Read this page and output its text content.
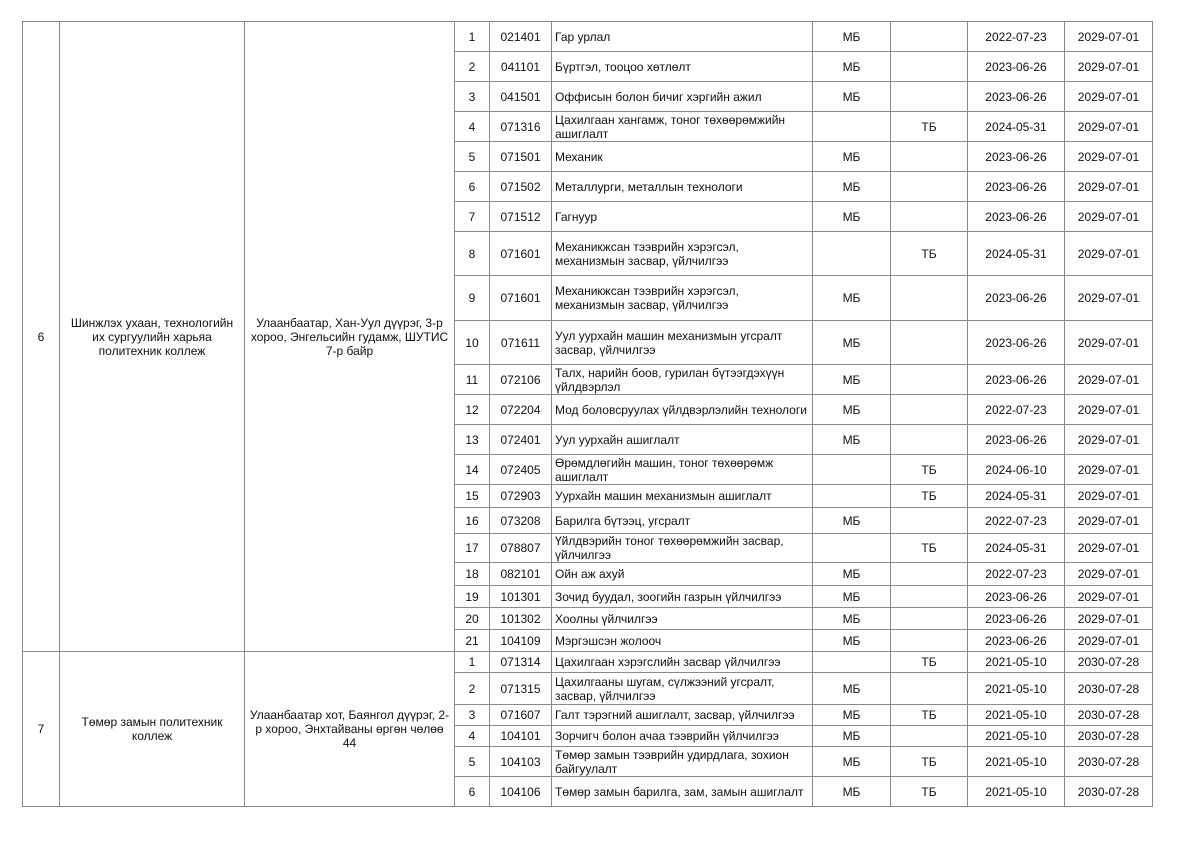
6	Шинжлэх ухаан, технологийн их сургуулийн харьяа политехник коллеж	Улаанбаатар, Хан-Уул дүүрэг, 3-р хороо, Энгельсийн гудамж, ШУТИС 7-р байр	1	021401	Гар урлал	МБ		2022-07-23	2029-07-01
			2	041101	Бүртгэл, тооцоо хөтлөлт	МБ		2023-06-26	2029-07-01
			3	041501	Оффисын болон бичиг хэргийн ажил	МБ		2023-06-26	2029-07-01
			4	071316	Цахилгаан хангамж, тоног төхөөрөмжийн ашиглалт		ТБ	2024-05-31	2029-07-01
			5	071501	Механик	МБ		2023-06-26	2029-07-01
			6	071502	Металлурги, металлын технологи	МБ		2023-06-26	2029-07-01
			7	071512	Гагнуур	МБ		2023-06-26	2029-07-01
			8	071601	Механикжсан тээврийн хэрэгсэл, механизмын засвар, үйлчилгээ		ТБ	2024-05-31	2029-07-01
			9	071601	Механикжсан тээврийн хэрэгсэл, механизмын засвар, үйлчилгээ	МБ		2023-06-26	2029-07-01
			10	071611	Уул уурхайн машин механизмын угсралт засвар, үйлчилгээ	МБ		2023-06-26	2029-07-01
			11	072106	Талх, нарийн боов, гурилан бүтээгдэхүүн үйлдвэрлэл	МБ		2023-06-26	2029-07-01
			12	072204	Мод боловсруулах үйлдвэрлэлийн технологи	МБ		2022-07-23	2029-07-01
			13	072401	Уул уурхайн ашиглалт	МБ		2023-06-26	2029-07-01
			14	072405	Өрөмдлөгийн машин, тоног төхөөрөмж ашиглалт		ТБ	2024-06-10	2029-07-01
			15	072903	Уурхайн машин механизмын ашиглалт		ТБ	2024-05-31	2029-07-01
			16	073208	Барилга бүтээц, угсралт	МБ		2022-07-23	2029-07-01
			17	078807	Үйлдвэрийн тоног төхөөрөмжийн засвар, үйлчилгээ		ТБ	2024-05-31	2029-07-01
			18	082101	Ойн аж ахуй	МБ		2022-07-23	2029-07-01
			19	101301	Зочид буудал, зоогийн газрын үйлчилгээ	МБ		2023-06-26	2029-07-01
			20	101302	Хоолны үйлчилгээ	МБ		2023-06-26	2029-07-01
			21	104109	Мэргэшсэн жолооч	МБ		2023-06-26	2029-07-01
7	Төмөр замын политехник коллеж	Улаанбаатар хот, Баянгол дүүрэг, 2-р хороо, Энхтайваны өргөн чөлөө 44	1	071314	Цахилгаан хэрэгслийн засвар үйлчилгээ		ТБ	2021-05-10	2030-07-28
			2	071315	Цахилгааны шугам, сүлжээний угсралт, засвар, үйлчилгээ	МБ		2021-05-10	2030-07-28
			3	071607	Галт тэрэгний ашиглалт, засвар, үйлчилгээ	МБ	ТБ	2021-05-10	2030-07-28
			4	104101	Зорчигч болон ачаа тээврийн үйлчилгээ	МБ		2021-05-10	2030-07-28
			5	104103	Төмөр замын тээврийн удирдлага, зохион байгуулалт	МБ	ТБ	2021-05-10	2030-07-28
			6	104106	Төмөр замын барилга, зам, замын ашиглалт	МБ	ТБ	2021-05-10	2030-07-28
